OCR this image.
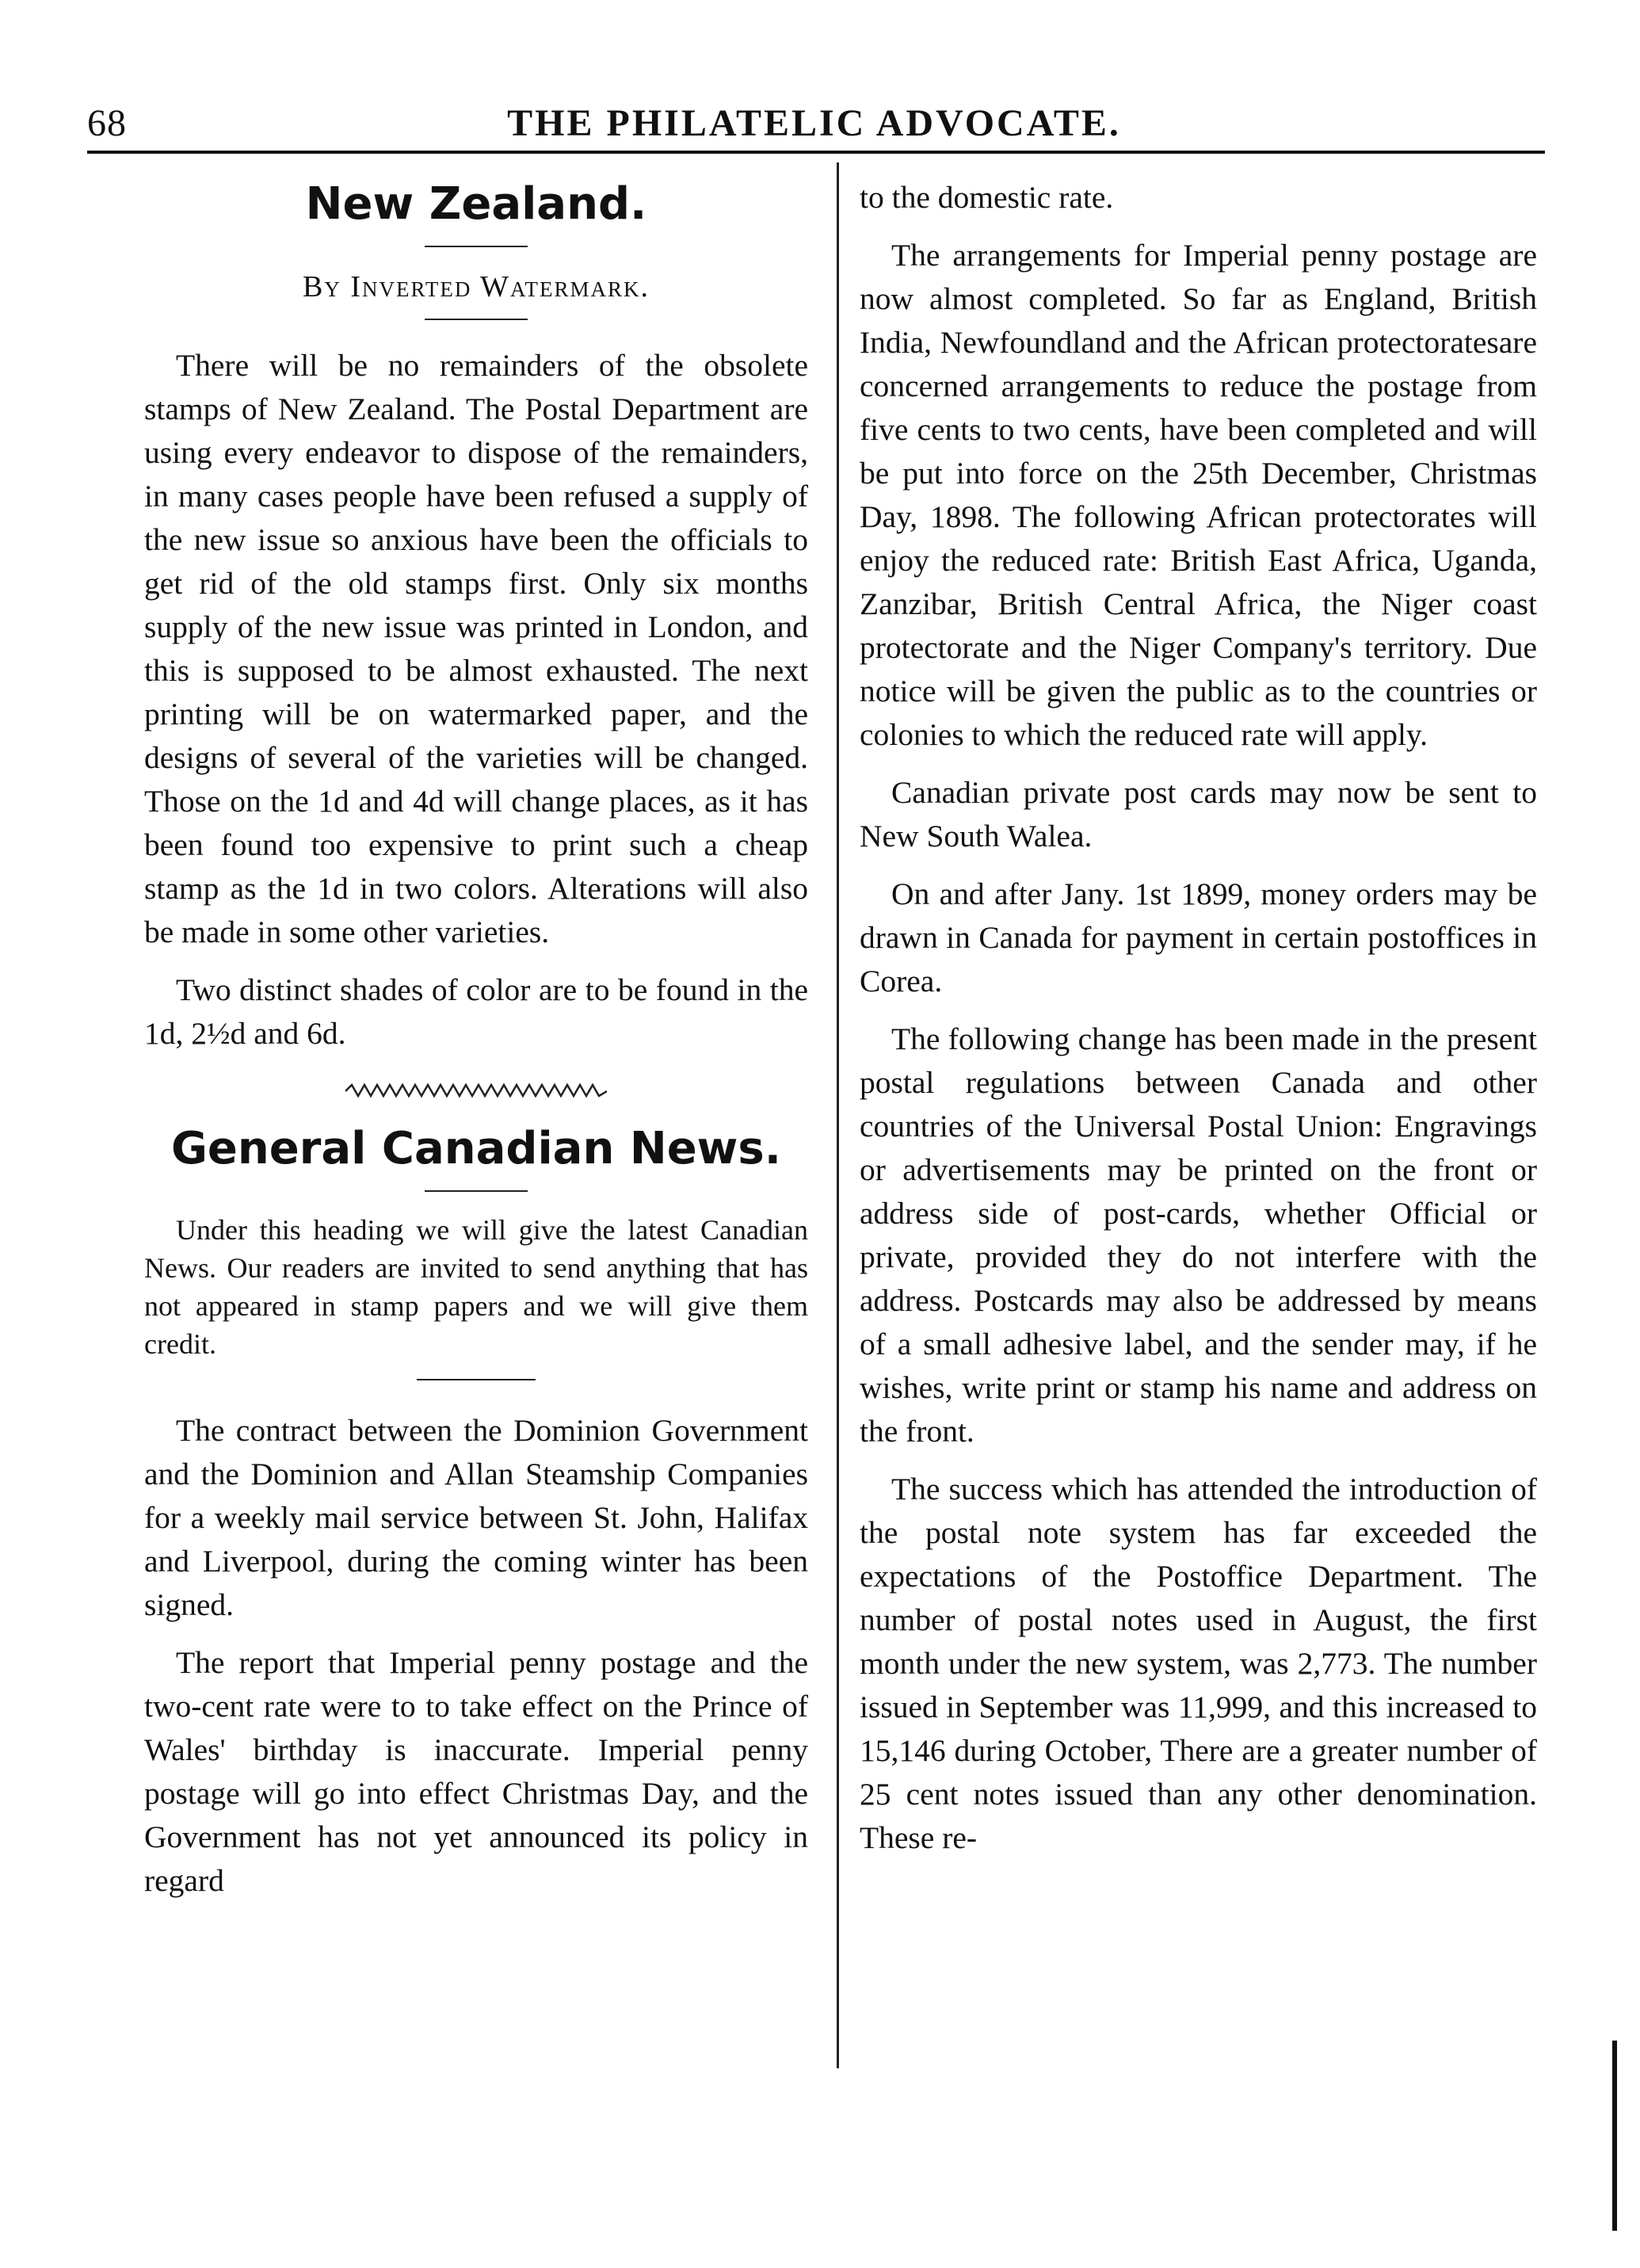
68	THE PHILATELIC ADVOCATE.
New Zealand.
By Inverted Watermark.

There will be no remainders of the obsolete stamps of New Zealand. The Postal Department are using every endeavor to dispose of the remainders, in many cases people have been refused a supply of the new issue so anxious have been the officials to get rid of the old stamps first. Only six months supply of the new issue was printed in London, and this is supposed to be almost exhausted. The next printing will be on watermarked paper, and the designs of several of the varieties will be changed. Those on the 1d and 4d will change places, as it has been found too expensive to print such a cheap stamp as the 1d in two colors. Alterations will also be made in some other varieties.

Two distinct shades of color are to be found in the 1d, 2½d and 6d.

General Canadian News.

Under this heading we will give the latest Canadian News. Our readers are invited to send anything that has not appeared in stamp papers and we will give them credit.

The contract between the Dominion Government and the Dominion and Allan Steamship Companies for a weekly mail service between St. John, Halifax and Liverpool, during the coming winter has been signed.

The report that Imperial penny postage and the two-cent rate were to to take effect on the Prince of Wales' birthday is inaccurate. Imperial penny postage will go into effect Christmas Day, and the Government has not yet announced its policy in regard

to the domestic rate.

The arrangements for Imperial penny postage are now almost completed. So far as England, British India, Newfoundland and the African protectoratesare concerned arrangements to reduce the postage from five cents to two cents, have been completed and will be put into force on the 25th December, Christmas Day, 1898. The following African protectorates will enjoy the reduced rate: British East Africa, Uganda, Zanzibar, British Central Africa, the Niger coast protectorate and the Niger Company's territory. Due notice will be given the public as to the countries or colonies to which the reduced rate will apply.

Canadian private post cards may now be sent to New South Walea.

On and after Jany. 1st 1899, money orders may be drawn in Canada for payment in certain postoffices in Corea.

The following change has been made in the present postal regulations between Canada and other countries of the Universal Postal Union: Engravings or advertisements may be printed on the front or address side of post-cards, whether Official or private, provided they do not interfere with the address. Postcards may also be addressed by means of a small adhesive label, and the sender may, if he wishes, write print or stamp his name and address on the front.

The success which has attended the introduction of the postal note system has far exceeded the expectations of the Postoffice Department. The number of postal notes used in August, the first month under the new system, was 2,773. The number issued in September was 11,999, and this increased to 15,146 during October, There are a greater number of 25 cent notes issued than any other denomination. These re-
